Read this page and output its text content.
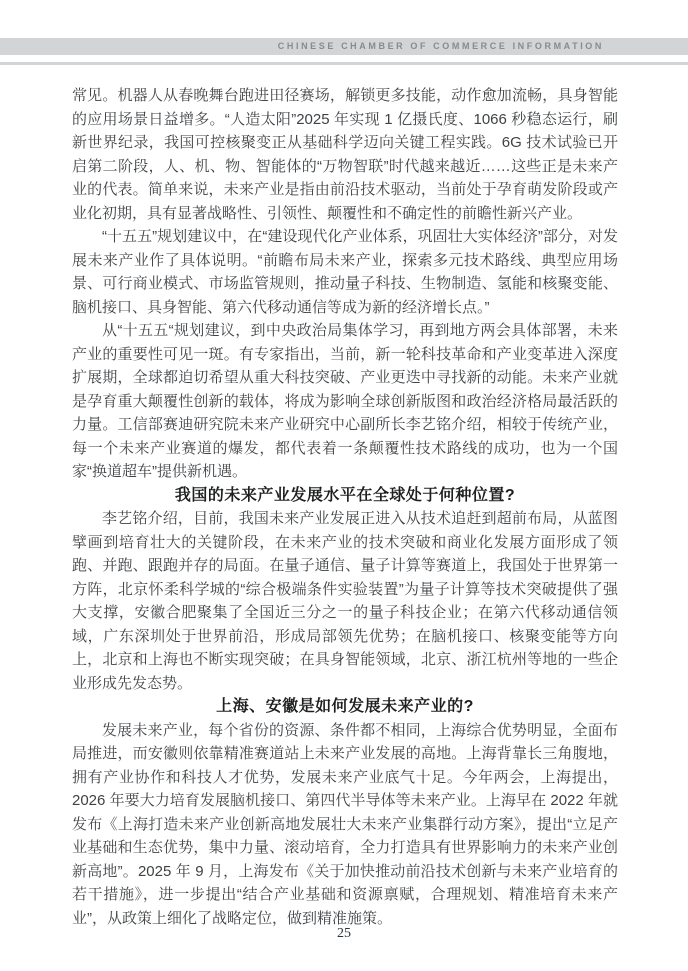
CHINESE CHAMBER OF COMMERCE INFORMATION

常见。机器人从春晚舞台跑进田径赛场，解锁更多技能，动作愈加流畅，具身智能的应用场景日益增多。“人造太阳”2025 年实现 1 亿摄氏度、1066 秒稳态运行，刷新世界纪录，我国可控核聚变正从基础科学迈向关键工程实践。6G 技术试验已开启第二阶段，人、机、物、智能体的“万物智联”时代越来越近……这些正是未来产业的代表。简单来说，未来产业是指由前沿技术驱动，当前处于孕育萌发阶段或产业化初期，具有显著战略性、引领性、颠覆性和不确定性的前瞻性新兴产业。

“十五五”规划建议中，在“建设现代化产业体系，巩固壮大实体经济”部分，对发展未来产业作了具体说明。“前瞻布局未来产业，探索多元技术路线、典型应用场景、可行商业模式、市场监管规则，推动量子科技、生物制造、氢能和核聚变能、脑机接口、具身智能、第六代移动通信等成为新的经济增长点。”

从“十五五“规划建议，到中央政治局集体学习，再到地方两会具体部署，未来产业的重要性可见一斑。有专家指出，当前，新一轮科技革命和产业变革进入深度扩展期，全球都迫切希望从重大科技突破、产业更迭中寻找新的动能。未来产业就是孕育重大颠覆性创新的载体，将成为影响全球创新版图和政治经济格局最活跃的力量。工信部赛迪研究院未来产业研究中心副所长李艺铭介绍，相较于传统产业，每一个未来产业赛道的爆发，都代表着一条颠覆性技术路线的成功，也为一个国家“换道超车”提供新机遇。

我国的未来产业发展水平在全球处于何种位置?

李艺铭介绍，目前，我国未来产业发展正进入从技术追赶到超前布局，从蓝图擘画到培育壮大的关键阶段，在未来产业的技术突破和商业化发展方面形成了领跑、并跑、跟跑并存的局面。在量子通信、量子计算等赛道上，我国处于世界第一方阵，北京怀柔科学城的“综合极端条件实验装置”为量子计算等技术突破提供了强大支撑，安徽合肥聚集了全国近三分之一的量子科技企业；在第六代移动通信领域，广东深圳处于世界前沿，形成局部领先优势；在脑机接口、核聚变能等方向上，北京和上海也不断实现突破；在具身智能领域，北京、浙江杭州等地的一些企业形成先发态势。

上海、安徽是如何发展未来产业的?

发展未来产业，每个省份的资源、条件都不相同，上海综合优势明显，全面布局推进，而安徽则依靠精准赛道站上未来产业发展的高地。上海背靠长三角腹地，拥有产业协作和科技人才优势，发展未来产业底气十足。今年两会，上海提出，2026 年要大力培育发展脑机接口、第四代半导体等未来产业。上海早在 2022 年就发布《上海打造未来产业创新高地发展壮大未来产业集群行动方案》，提出“立足产业基础和生态优势，集中力量、滚动培育，全力打造具有世界影响力的未来产业创新高地”。2025 年 9 月，上海发布《关于加快推动前沿技术创新与未来产业培育的若干措施》，进一步提出“结合产业基础和资源禀赋，合理规划、精准培育未来产业”，从政策上细化了战略定位，做到精准施策。

25
